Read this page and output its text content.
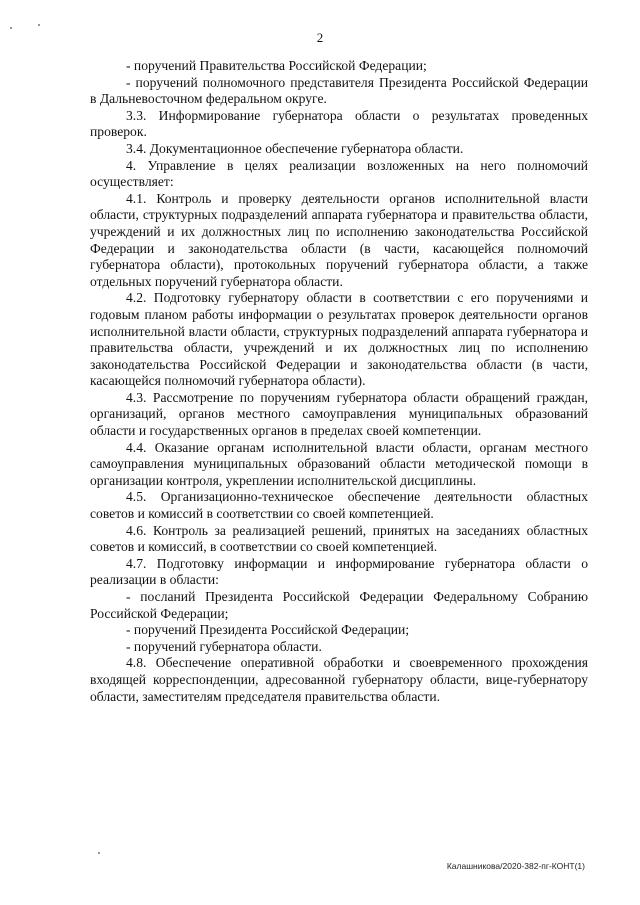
2

- поручений Правительства Российской Федерации;

- поручений полномочного представителя Президента Российской Федерации в Дальневосточном федеральном округе.

3.3. Информирование губернатора области о результатах проведенных проверок.

3.4. Документационное обеспечение губернатора области.

4. Управление в целях реализации возложенных на него полномочий осуществляет:

4.1. Контроль и проверку деятельности органов исполнительной власти области, структурных подразделений аппарата губернатора и правительства области, учреждений и их должностных лиц по исполнению законодательства Российской Федерации и законодательства области (в части, касающейся полномочий губернатора области), протокольных поручений губернатора области, а также отдельных поручений губернатора области.

4.2. Подготовку губернатору области в соответствии с его поручениями и годовым планом работы информации о результатах проверок деятельности органов исполнительной власти области, структурных подразделений аппарата губернатора и правительства области, учреждений и их должностных лиц по исполнению законодательства Российской Федерации и законодательства области (в части, касающейся полномочий губернатора области).

4.3. Рассмотрение по поручениям губернатора области обращений граждан, организаций, органов местного самоуправления муниципальных образований области и государственных органов в пределах своей компетенции.

4.4. Оказание органам исполнительной власти области, органам местного самоуправления муниципальных образований области методической помощи в организации контроля, укреплении исполнительской дисциплины.

4.5. Организационно-техническое обеспечение деятельности областных советов и комиссий в соответствии со своей компетенцией.

4.6. Контроль за реализацией решений, принятых на заседаниях областных советов и комиссий, в соответствии со своей компетенцией.

4.7. Подготовку информации и информирование губернатора области о реализации в области:

- посланий Президента Российской Федерации Федеральному Собранию Российской Федерации;

- поручений Президента Российской Федерации;

- поручений губернатора области.

4.8. Обеспечение оперативной обработки и своевременного прохождения входящей корреспонденции, адресованной губернатору области, вице-губернатору области, заместителям председателя правительства области.

Калашникова/2020-382-пг-КОНТ(1)
